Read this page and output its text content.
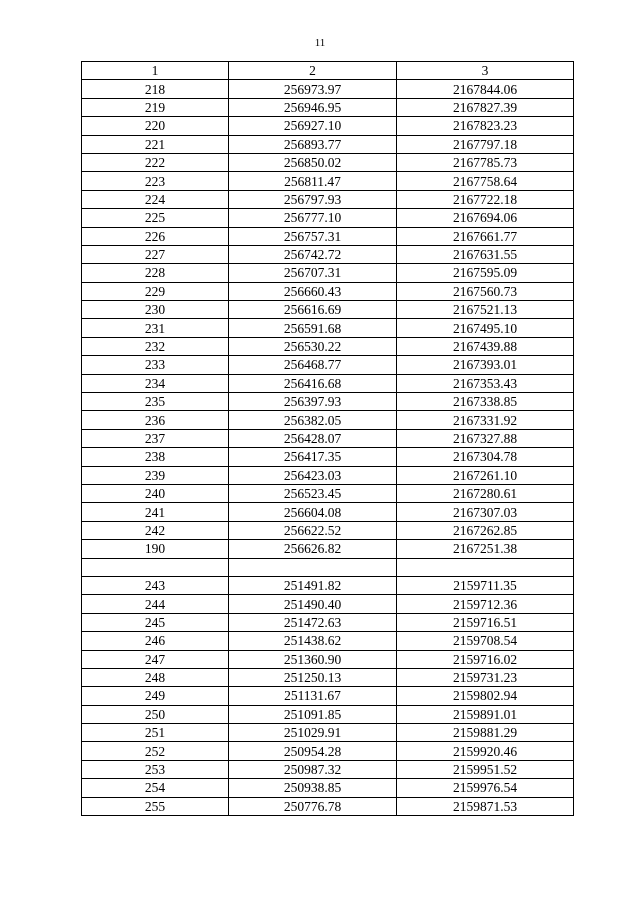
11
1	2	3
218	256973.97	2167844.06
219	256946.95	2167827.39
220	256927.10	2167823.23
221	256893.77	2167797.18
222	256850.02	2167785.73
223	256811.47	2167758.64
224	256797.93	2167722.18
225	256777.10	2167694.06
226	256757.31	2167661.77
227	256742.72	2167631.55
228	256707.31	2167595.09
229	256660.43	2167560.73
230	256616.69	2167521.13
231	256591.68	2167495.10
232	256530.22	2167439.88
233	256468.77	2167393.01
234	256416.68	2167353.43
235	256397.93	2167338.85
236	256382.05	2167331.92
237	256428.07	2167327.88
238	256417.35	2167304.78
239	256423.03	2167261.10
240	256523.45	2167280.61
241	256604.08	2167307.03
242	256622.52	2167262.85
190	256626.82	2167251.38

243	251491.82	2159711.35
244	251490.40	2159712.36
245	251472.63	2159716.51
246	251438.62	2159708.54
247	251360.90	2159716.02
248	251250.13	2159731.23
249	251131.67	2159802.94
250	251091.85	2159891.01
251	251029.91	2159881.29
252	250954.28	2159920.46
253	250987.32	2159951.52
254	250938.85	2159976.54
255	250776.78	2159871.53
